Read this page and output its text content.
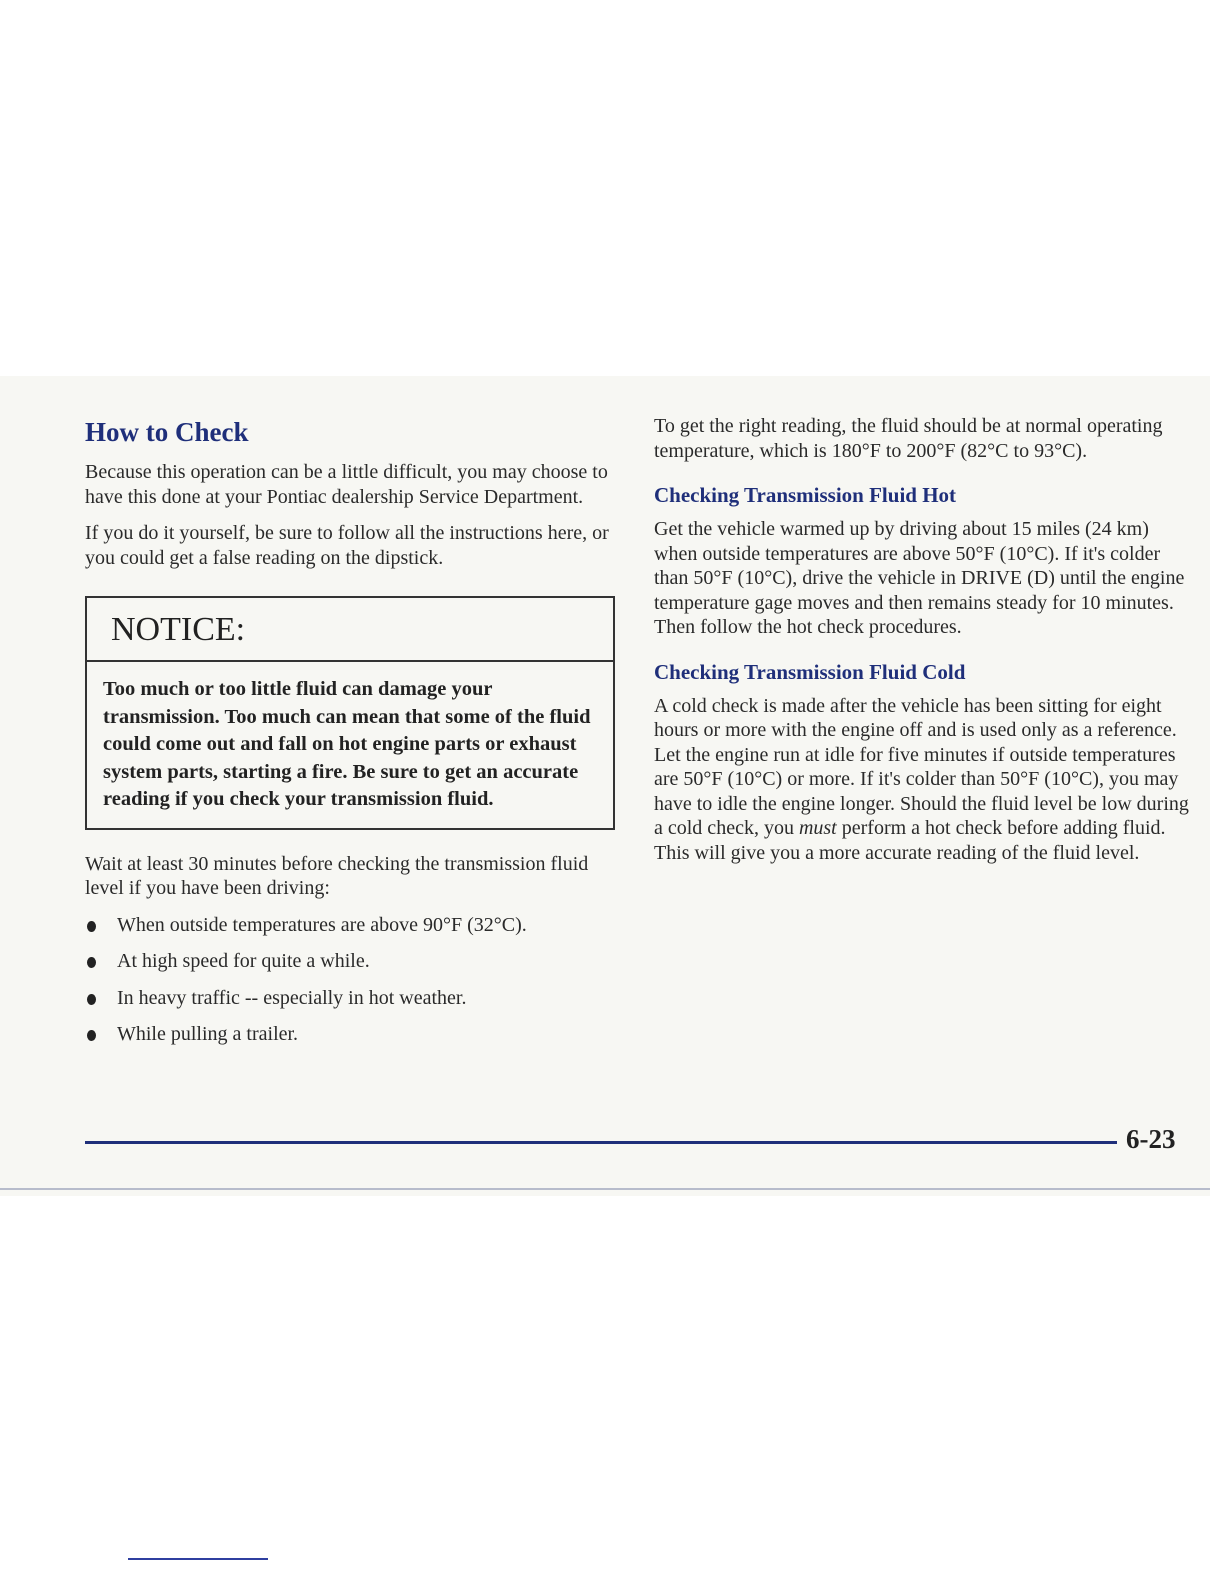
How to Check

Because this operation can be a little difficult, you may choose to have this done at your Pontiac dealership Service Department.

If you do it yourself, be sure to follow all the instructions here, or you could get a false reading on the dipstick.

NOTICE:
Too much or too little fluid can damage your transmission. Too much can mean that some of the fluid could come out and fall on hot engine parts or exhaust system parts, starting a fire. Be sure to get an accurate reading if you check your transmission fluid.

Wait at least 30 minutes before checking the transmission fluid level if you have been driving:

When outside temperatures are above 90°F (32°C).
At high speed for quite a while.
In heavy traffic -- especially in hot weather.
While pulling a trailer.

To get the right reading, the fluid should be at normal operating temperature, which is 180°F to 200°F (82°C to 93°C).

Checking Transmission Fluid Hot

Get the vehicle warmed up by driving about 15 miles (24 km) when outside temperatures are above 50°F (10°C). If it's colder than 50°F (10°C), drive the vehicle in DRIVE (D) until the engine temperature gage moves and then remains steady for 10 minutes. Then follow the hot check procedures.

Checking Transmission Fluid Cold

A cold check is made after the vehicle has been sitting for eight hours or more with the engine off and is used only as a reference. Let the engine run at idle for five minutes if outside temperatures are 50°F (10°C) or more. If it's colder than 50°F (10°C), you may have to idle the engine longer. Should the fluid level be low during a cold check, you must perform a hot check before adding fluid. This will give you a more accurate reading of the fluid level.

6-23
